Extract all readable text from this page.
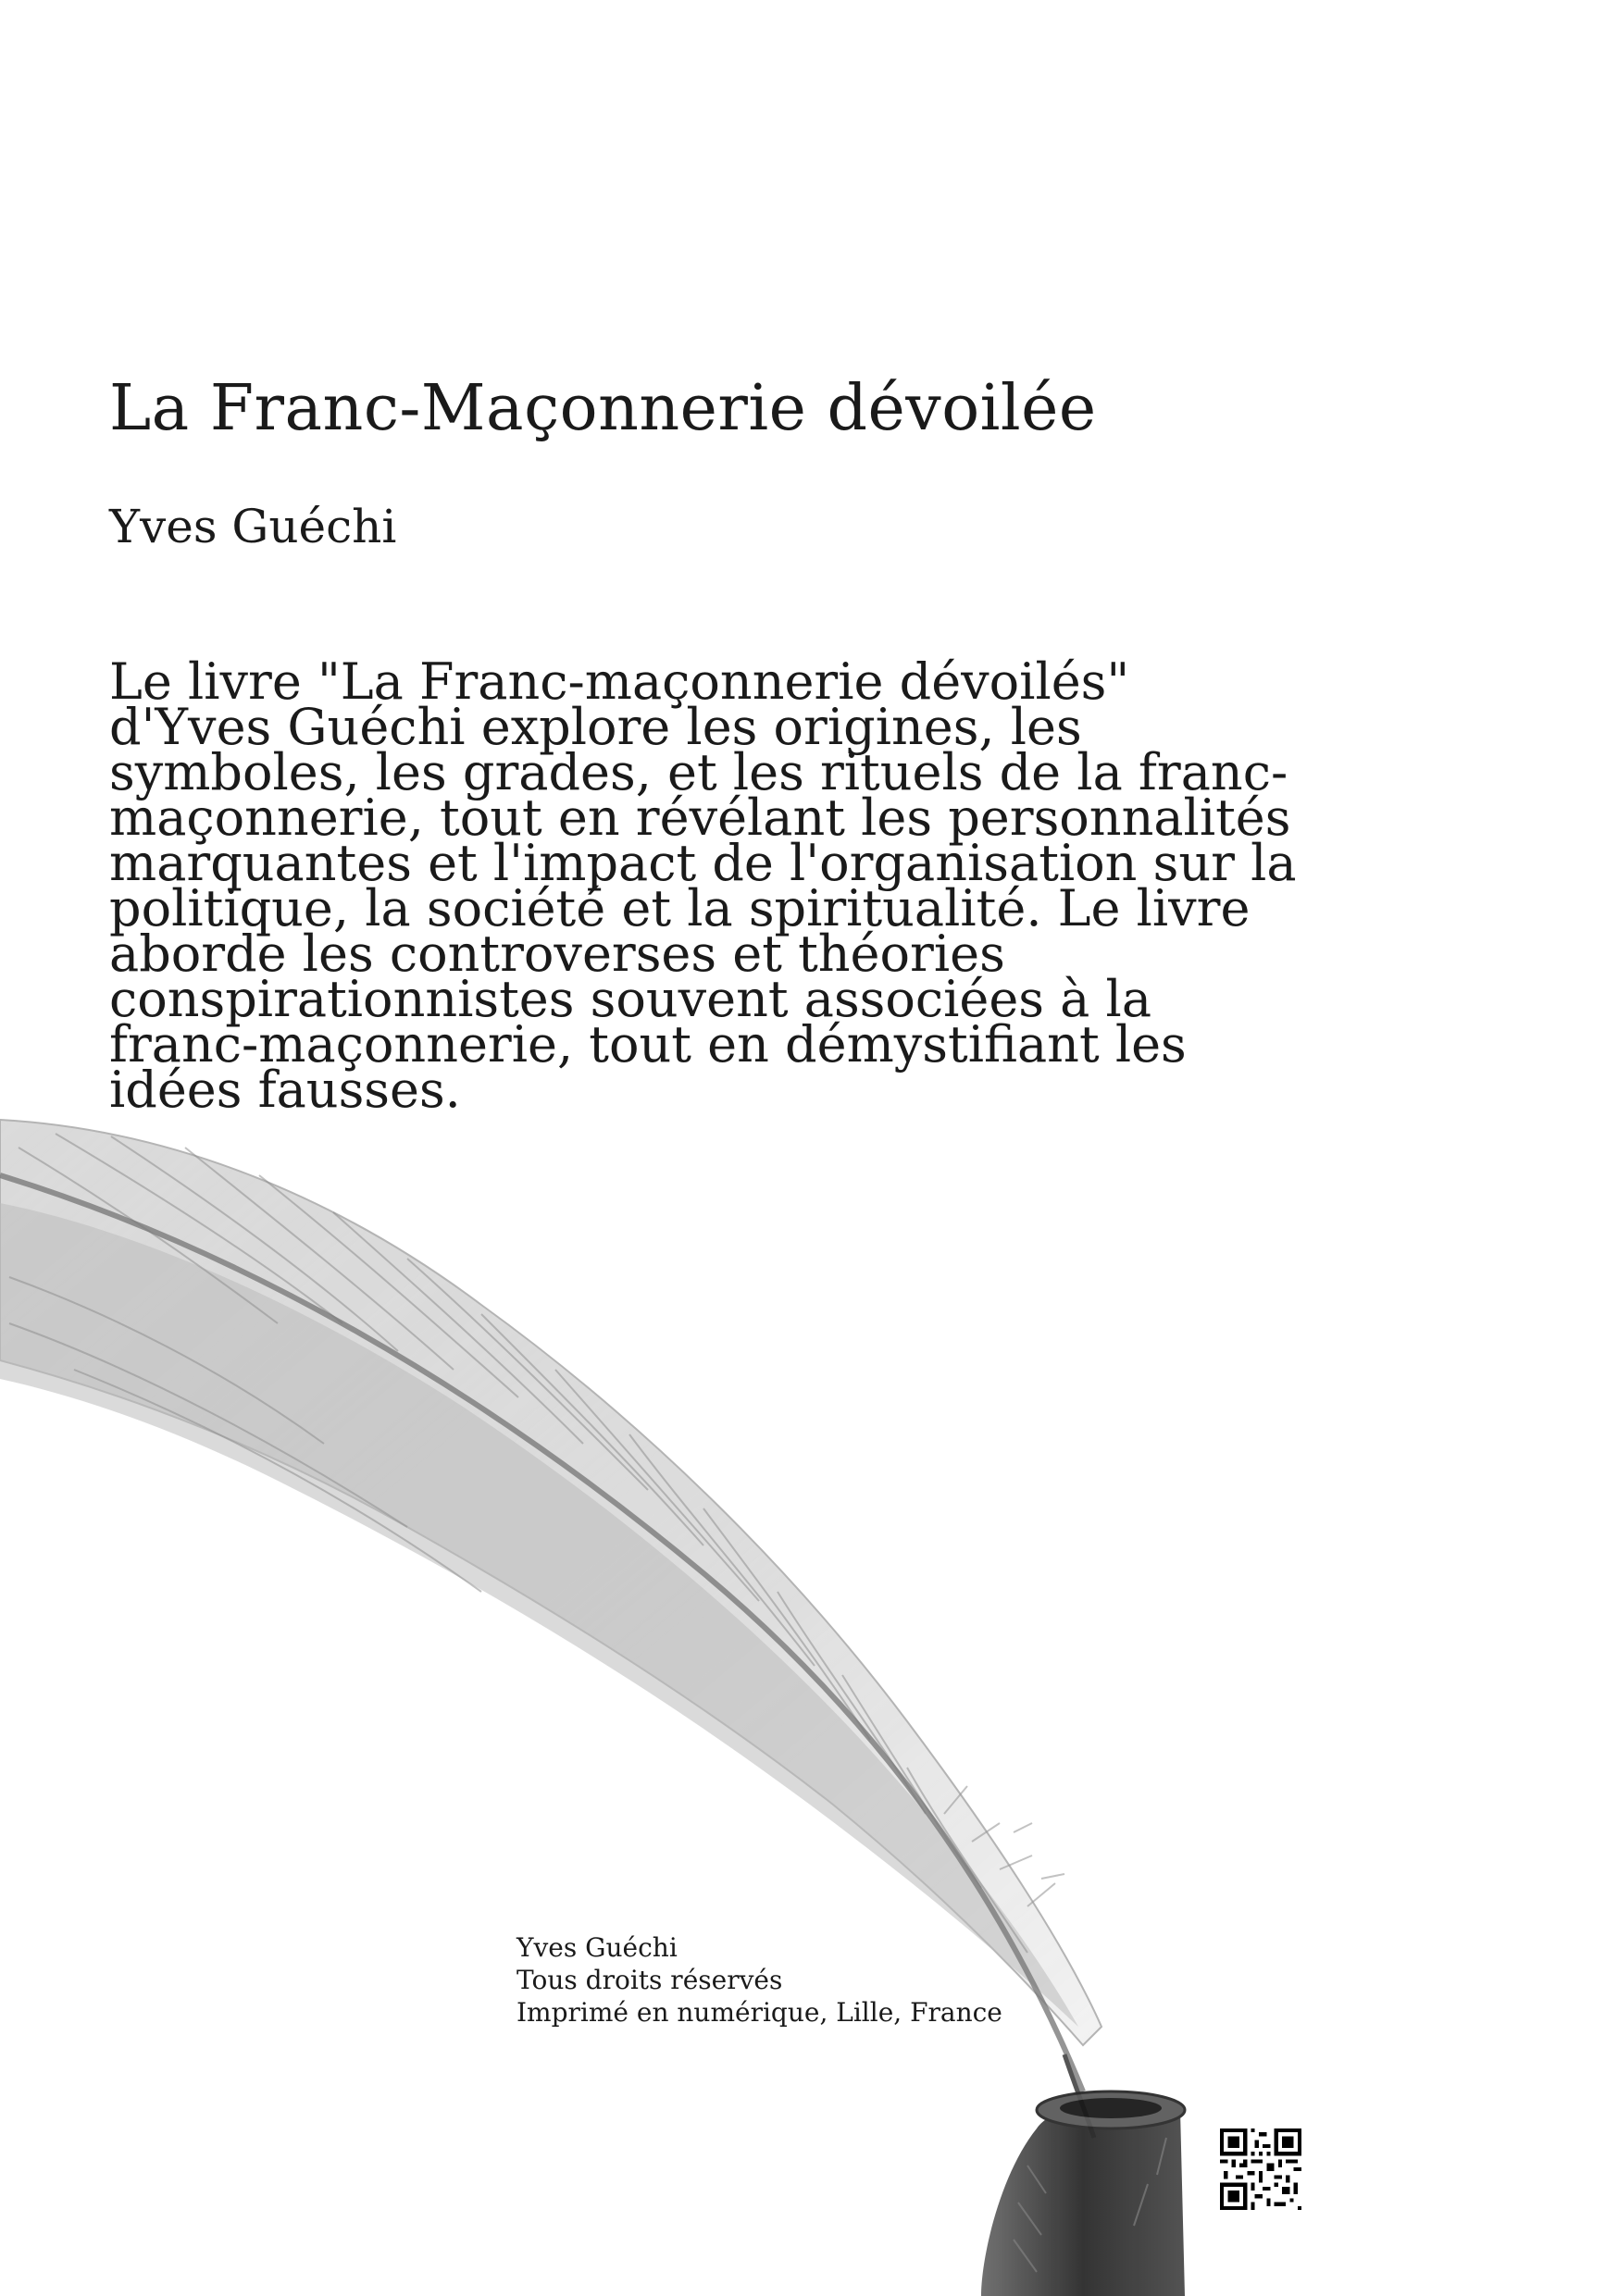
La Franc-Maçonnerie dévoilée
Yves Guéchi

Le livre "La Franc-maçonnerie dévoilés"
d'Yves Guéchi explore les origines, les
symboles, les grades, et les rituels de la franc-
maçonnerie, tout en révélant les personnalités
marquantes et l'impact de l'organisation sur la
politique, la société et la spiritualité. Le livre
aborde les controverses et théories
conspirationnistes souvent associées à la
franc-maçonnerie, tout en démystifiant les
idées fausses.

Yves Guéchi
Tous droits réservés
Imprimé en numérique, Lille, France
